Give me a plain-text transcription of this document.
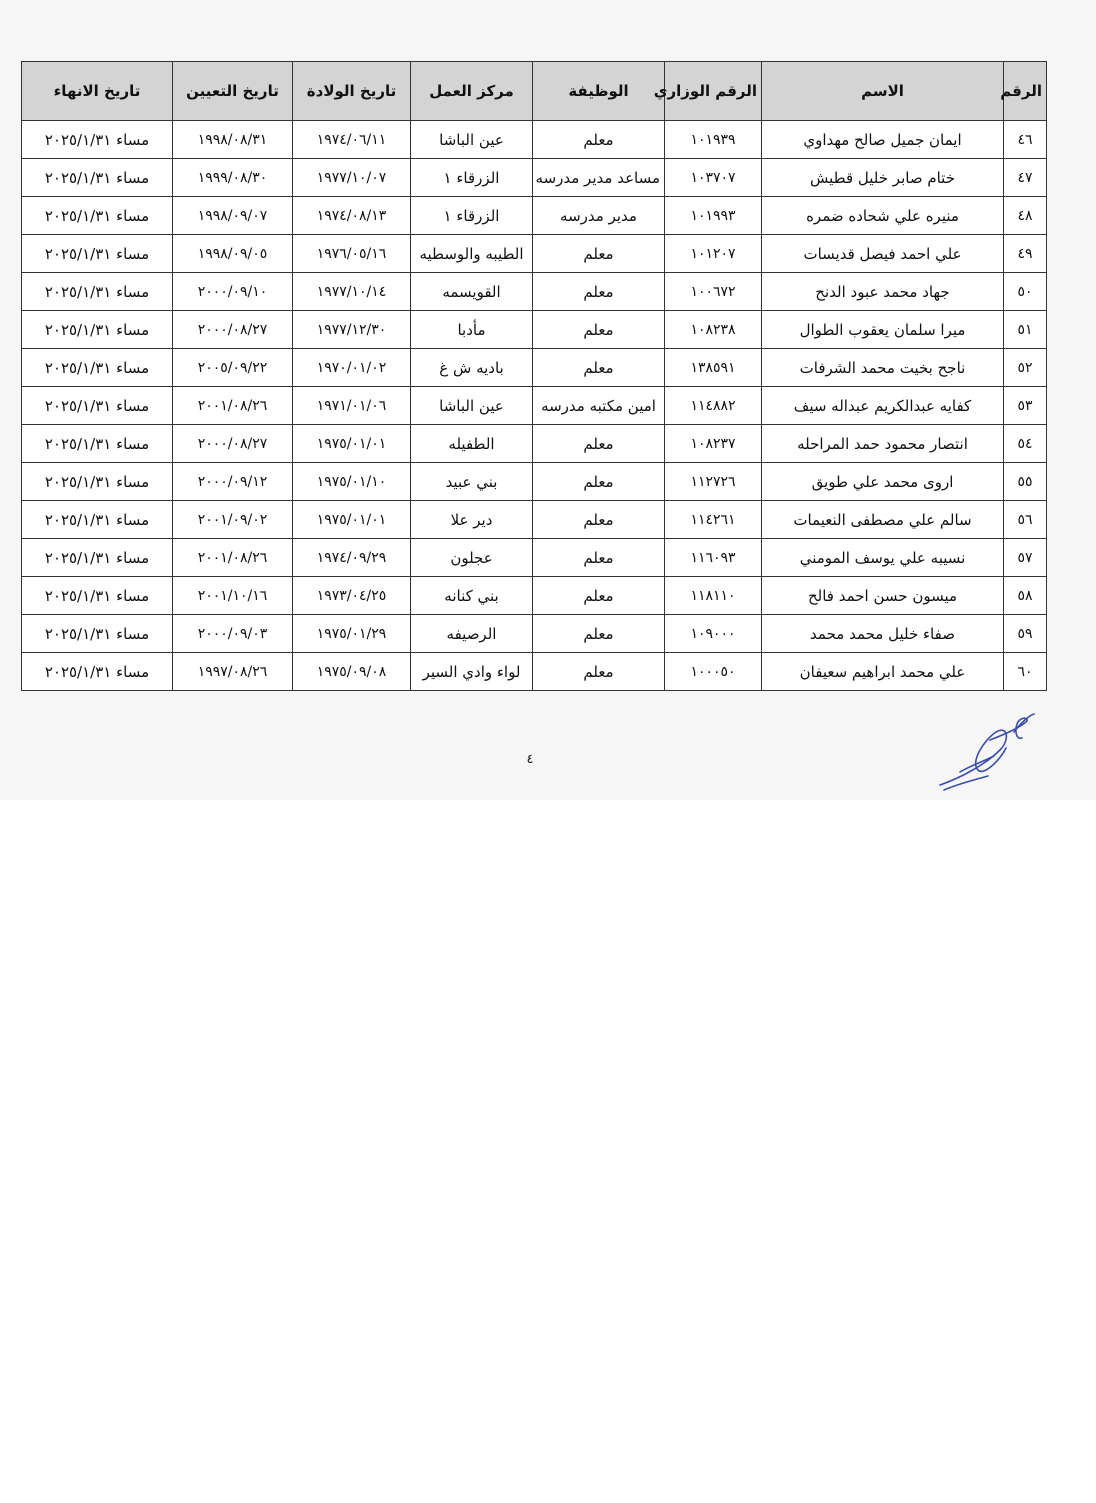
الرقم	الاسم	الرقم الوزاري	الوظيفة	مركز العمل	تاريخ الولادة	تاريخ التعيين	تاريخ الانهاء
٤٦	ايمان جميل صالح مهداوي	١٠١٩٣٩	معلم	عين الباشا	١٩٧٤/٠٦/١١	١٩٩٨/٠٨/٣١	مساء ٢٠٢٥/١/٣١
٤٧	ختام صابر خليل قطيش	١٠٣٧٠٧	مساعد مدير مدرسه	الزرقاء ١	١٩٧٧/١٠/٠٧	١٩٩٩/٠٨/٣٠	مساء ٢٠٢٥/١/٣١
٤٨	منيره علي شحاده ضمره	١٠١٩٩٣	مدير مدرسه	الزرقاء ١	١٩٧٤/٠٨/١٣	١٩٩٨/٠٩/٠٧	مساء ٢٠٢٥/١/٣١
٤٩	علي احمد فيصل قديسات	١٠١٢٠٧	معلم	الطيبه والوسطيه	١٩٧٦/٠٥/١٦	١٩٩٨/٠٩/٠٥	مساء ٢٠٢٥/١/٣١
٥٠	جهاد محمد عبود الدنح	١٠٠٦٧٢	معلم	القويسمه	١٩٧٧/١٠/١٤	٢٠٠٠/٠٩/١٠	مساء ٢٠٢٥/١/٣١
٥١	ميرا سلمان يعقوب الطوال	١٠٨٢٣٨	معلم	مأدبا	١٩٧٧/١٢/٣٠	٢٠٠٠/٠٨/٢٧	مساء ٢٠٢٥/١/٣١
٥٢	ناجح بخيت محمد الشرفات	١٣٨٥٩١	معلم	باديه ش غ	١٩٧٠/٠١/٠٢	٢٠٠٥/٠٩/٢٢	مساء ٢٠٢٥/١/٣١
٥٣	كفايه عبدالكريم عبداله سيف	١١٤٨٨٢	امين مكتبه مدرسه	عين الباشا	١٩٧١/٠١/٠٦	٢٠٠١/٠٨/٢٦	مساء ٢٠٢٥/١/٣١
٥٤	انتصار محمود حمد المراحله	١٠٨٢٣٧	معلم	الطفيله	١٩٧٥/٠١/٠١	٢٠٠٠/٠٨/٢٧	مساء ٢٠٢٥/١/٣١
٥٥	اروى محمد علي طويق	١١٢٧٢٦	معلم	بني عبيد	١٩٧٥/٠١/١٠	٢٠٠٠/٠٩/١٢	مساء ٢٠٢٥/١/٣١
٥٦	سالم علي مصطفى النعيمات	١١٤٢٦١	معلم	دير علا	١٩٧٥/٠١/٠١	٢٠٠١/٠٩/٠٢	مساء ٢٠٢٥/١/٣١
٥٧	نسيبه علي يوسف المومني	١١٦٠٩٣	معلم	عجلون	١٩٧٤/٠٩/٢٩	٢٠٠١/٠٨/٢٦	مساء ٢٠٢٥/١/٣١
٥٨	ميسون حسن احمد فالح	١١٨١١٠	معلم	بني كنانه	١٩٧٣/٠٤/٢٥	٢٠٠١/١٠/١٦	مساء ٢٠٢٥/١/٣١
٥٩	صفاء خليل محمد محمد	١٠٩٠٠٠	معلم	الرصيفه	١٩٧٥/٠١/٢٩	٢٠٠٠/٠٩/٠٣	مساء ٢٠٢٥/١/٣١
٦٠	علي محمد ابراهيم سعيفان	١٠٠٠٥٠	معلم	لواء وادي السير	١٩٧٥/٠٩/٠٨	١٩٩٧/٠٨/٢٦	مساء ٢٠٢٥/١/٣١
٤
